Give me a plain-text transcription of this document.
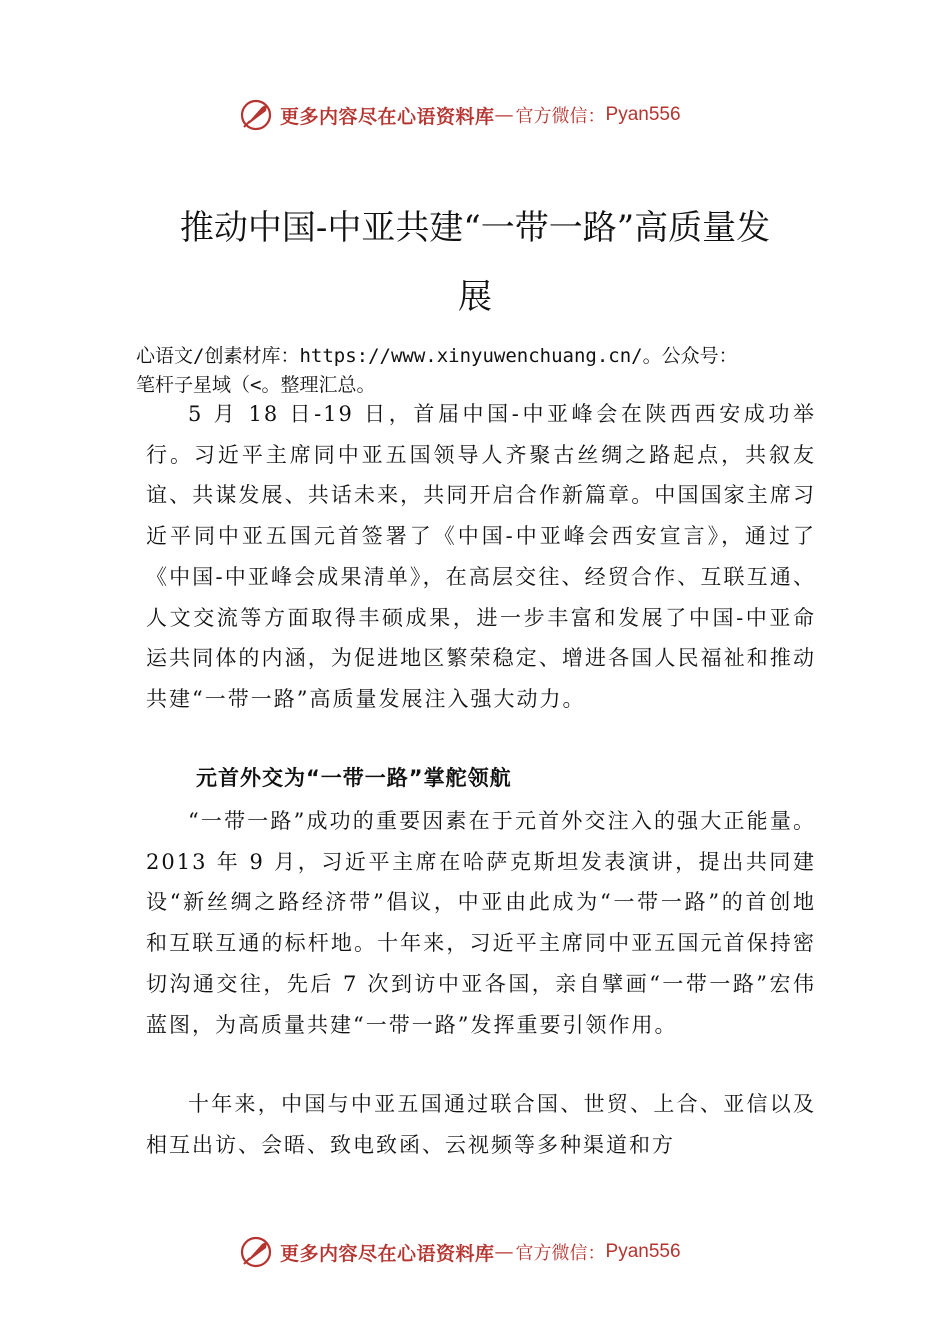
更多内容尽在心语资料库 — 官方微信： Pyan556
推动中国-中亚共建“一带一路”高质量发
展
心语文/创素材库：https://www.xinyuwenchuang.cn/。公众号：
笔杆子星域（<。整理汇总。
5 月 18 日-19 日，首届中国-中亚峰会在陕西西安成功举行。习近平主席同中亚五国领导人齐聚古丝绸之路起点，共叙友谊、共谋发展、共话未来，共同开启合作新篇章。中国国家主席习近平同中亚五国元首签署了《中国-中亚峰会西安宣言》，通过了《中国-中亚峰会成果清单》，在高层交往、经贸合作、互联互通、人文交流等方面取得丰硕成果，进一步丰富和发展了中国-中亚命运共同体的内涵，为促进地区繁荣稳定、增进各国人民福祉和推动共建“一带一路”高质量发展注入强大动力。
元首外交为“一带一路”掌舵领航
“一带一路”成功的重要因素在于元首外交注入的强大正能量。2013 年 9 月，习近平主席在哈萨克斯坦发表演讲，提出共同建设“新丝绸之路经济带”倡议，中亚由此成为“一带一路”的首创地和互联互通的标杆地。十年来，习近平主席同中亚五国元首保持密切沟通交往，先后 7 次到访中亚各国，亲自擘画“一带一路”宏伟蓝图，为高质量共建“一带一路”发挥重要引领作用。
十年来，中国与中亚五国通过联合国、世贸、上合、亚信以及相互出访、会晤、致电致函、云视频等多种渠道和方
更多内容尽在心语资料库 — 官方微信： Pyan556
